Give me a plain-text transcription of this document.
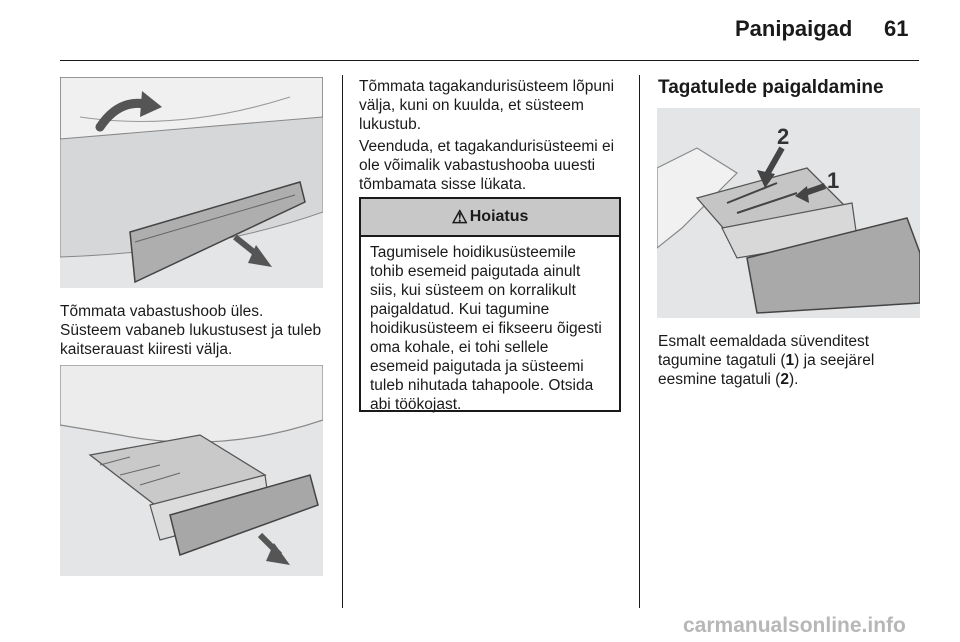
Panipaigad 61

Tõmmata vabastushoob üles. Süsteem vabaneb lukustusest ja tuleb kaitserauast kiiresti välja.

Tõmmata tagakandurisüsteem lõpuni välja, kuni on kuulda, et süsteem lukustub.

Veenduda, et tagakandurisüsteemi ei ole võimalik vabastushooba uuesti tõmbamata sisse lükata.

⚠ Hoiatus

Tagumisele hoidikusüsteemile tohib esemeid paigutada ainult siis, kui süsteem on korralikult paigaldatud. Kui tagumine hoidikusüsteem ei fikseeru õigesti oma kohale, ei tohi sellele esemeid paigutada ja süsteemi tuleb nihutada tahapoole. Otsida abi töökojast.

Tagatulede paigaldamine
2
1

Esmalt eemaldada süvenditest tagumine tagatuli (1) ja seejärel eesmine tagatuli (2).

carmanualsonline.info
